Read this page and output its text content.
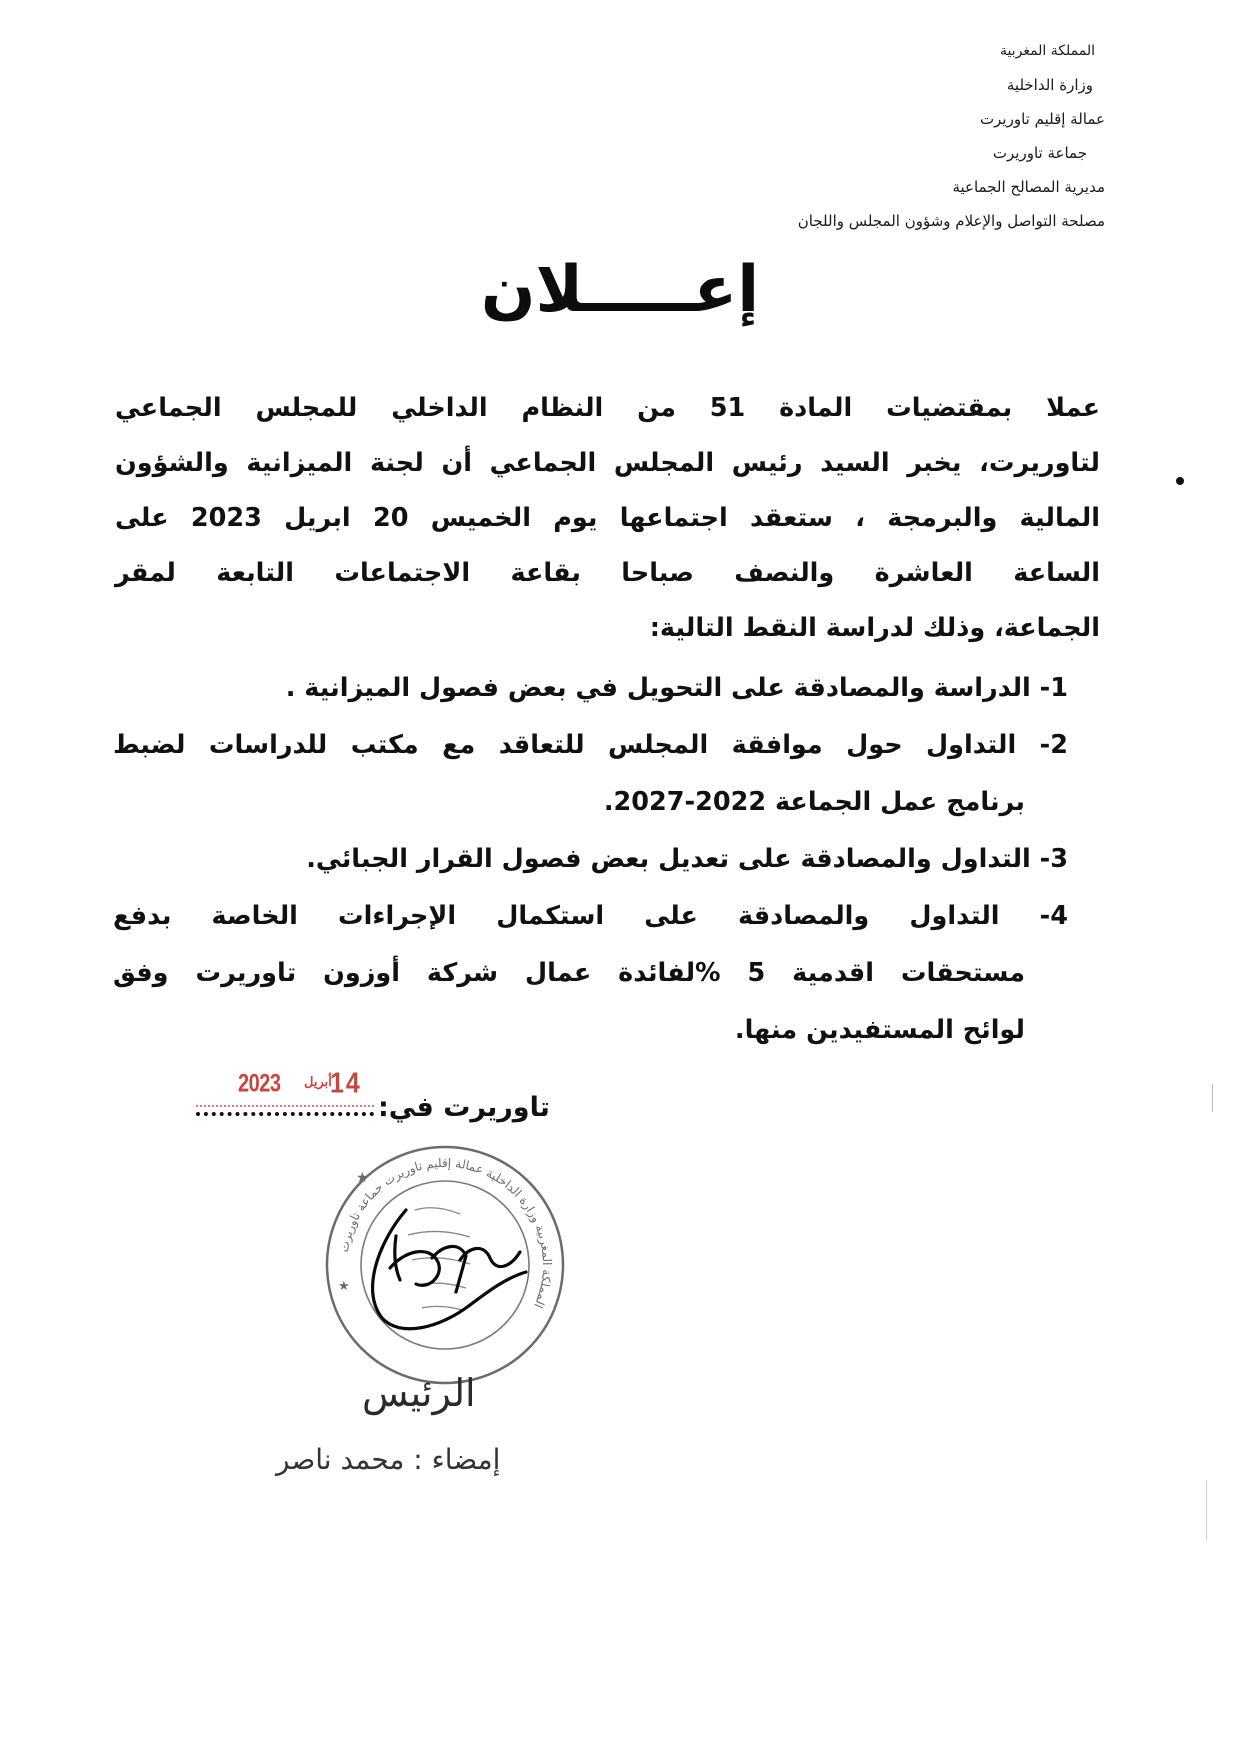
المملكة المغربية
وزارة الداخلية
عمالة إقليم تاوريرت
جماعة تاوريرت
مديرية المصالح الجماعية
مصلحة التواصل والإعلام وشؤون المجلس واللجان
إعـــــلان
عملا بمقتضيات المادة 51 من النظام الداخلي للمجلس الجماعي
لتاوريرت، يخبر السيد رئيس المجلس الجماعي أن لجنة الميزانية والشؤون
المالية والبرمجة ، ستعقد اجتماعها يوم الخميس 20 ابريل 2023 على
الساعة العاشرة والنصف صباحا بقاعة الاجتماعات التابعة لمقر
الجماعة، وذلك لدراسة النقط التالية:
1- الدراسة والمصادقة على التحويل في بعض فصول الميزانية .
2- التداول حول موافقة المجلس للتعاقد مع مكتب للدراسات لضبط
برنامج عمل الجماعة 2022-2027.
3- التداول والمصادقة على تعديل بعض فصول القرار الجبائي.
4- التداول والمصادقة على استكمال الإجراءات الخاصة بدفع
مستحقات اقدمية 5 %لفائدة عمال شركة أوزون تاوريرت وفق
لوائح المستفيدين منها.
2023 أبريل
14
تاوريرت في:
المملكة المغربية وزارة الداخلية عمالة إقليم تاوريرت جماعة تاوريرت
★
★
الرئيس
إمضاء : محمد ناصر
